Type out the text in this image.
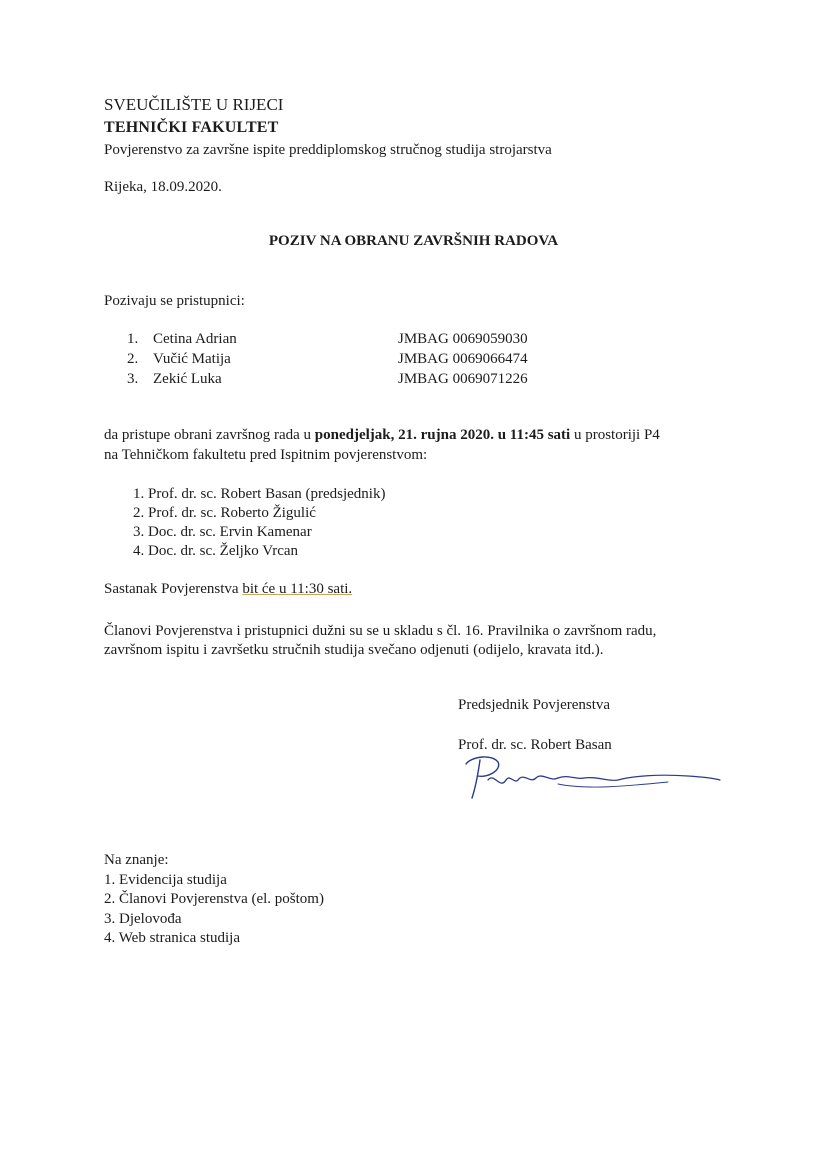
SVEUČILIŠTE U RIJECI
TEHNIČKI FAKULTET
Povjerenstvo za završne ispite preddiplomskog stručnog studija strojarstva
Rijeka, 18.09.2020.
POZIV NA OBRANU ZAVRŠNIH RADOVA
Pozivaju se pristupnici:
1. Cetina Adrian	JMBAG 0069059030
2. Vučić Matija	JMBAG 0069066474
3. Zekić Luka	JMBAG 0069071226
da pristupe obrani završnog rada u ponedjeljak, 21. rujna 2020. u 11:45 sati u prostoriji P4
na Tehničkom fakultetu pred Ispitnim povjerenstvom:
1. Prof. dr. sc. Robert Basan (predsjednik)
2. Prof. dr. sc. Roberto Žigulić
3. Doc. dr. sc. Ervin Kamenar
4. Doc. dr. sc. Željko Vrcan
Sastanak Povjerenstva bit će u 11:30 sati.
Članovi Povjerenstva i pristupnici dužni su se u skladu s čl. 16. Pravilnika o završnom radu,
završnom ispitu i završetku stručnih studija svečano odjenuti (odijelo, kravata itd.).
Predsjednik Povjerenstva
Prof. dr. sc. Robert Basan
Na znanje:
1. Evidencija studija
2. Članovi Povjerenstva (el. poštom)
3. Djelovođa
4. Web stranica studija
